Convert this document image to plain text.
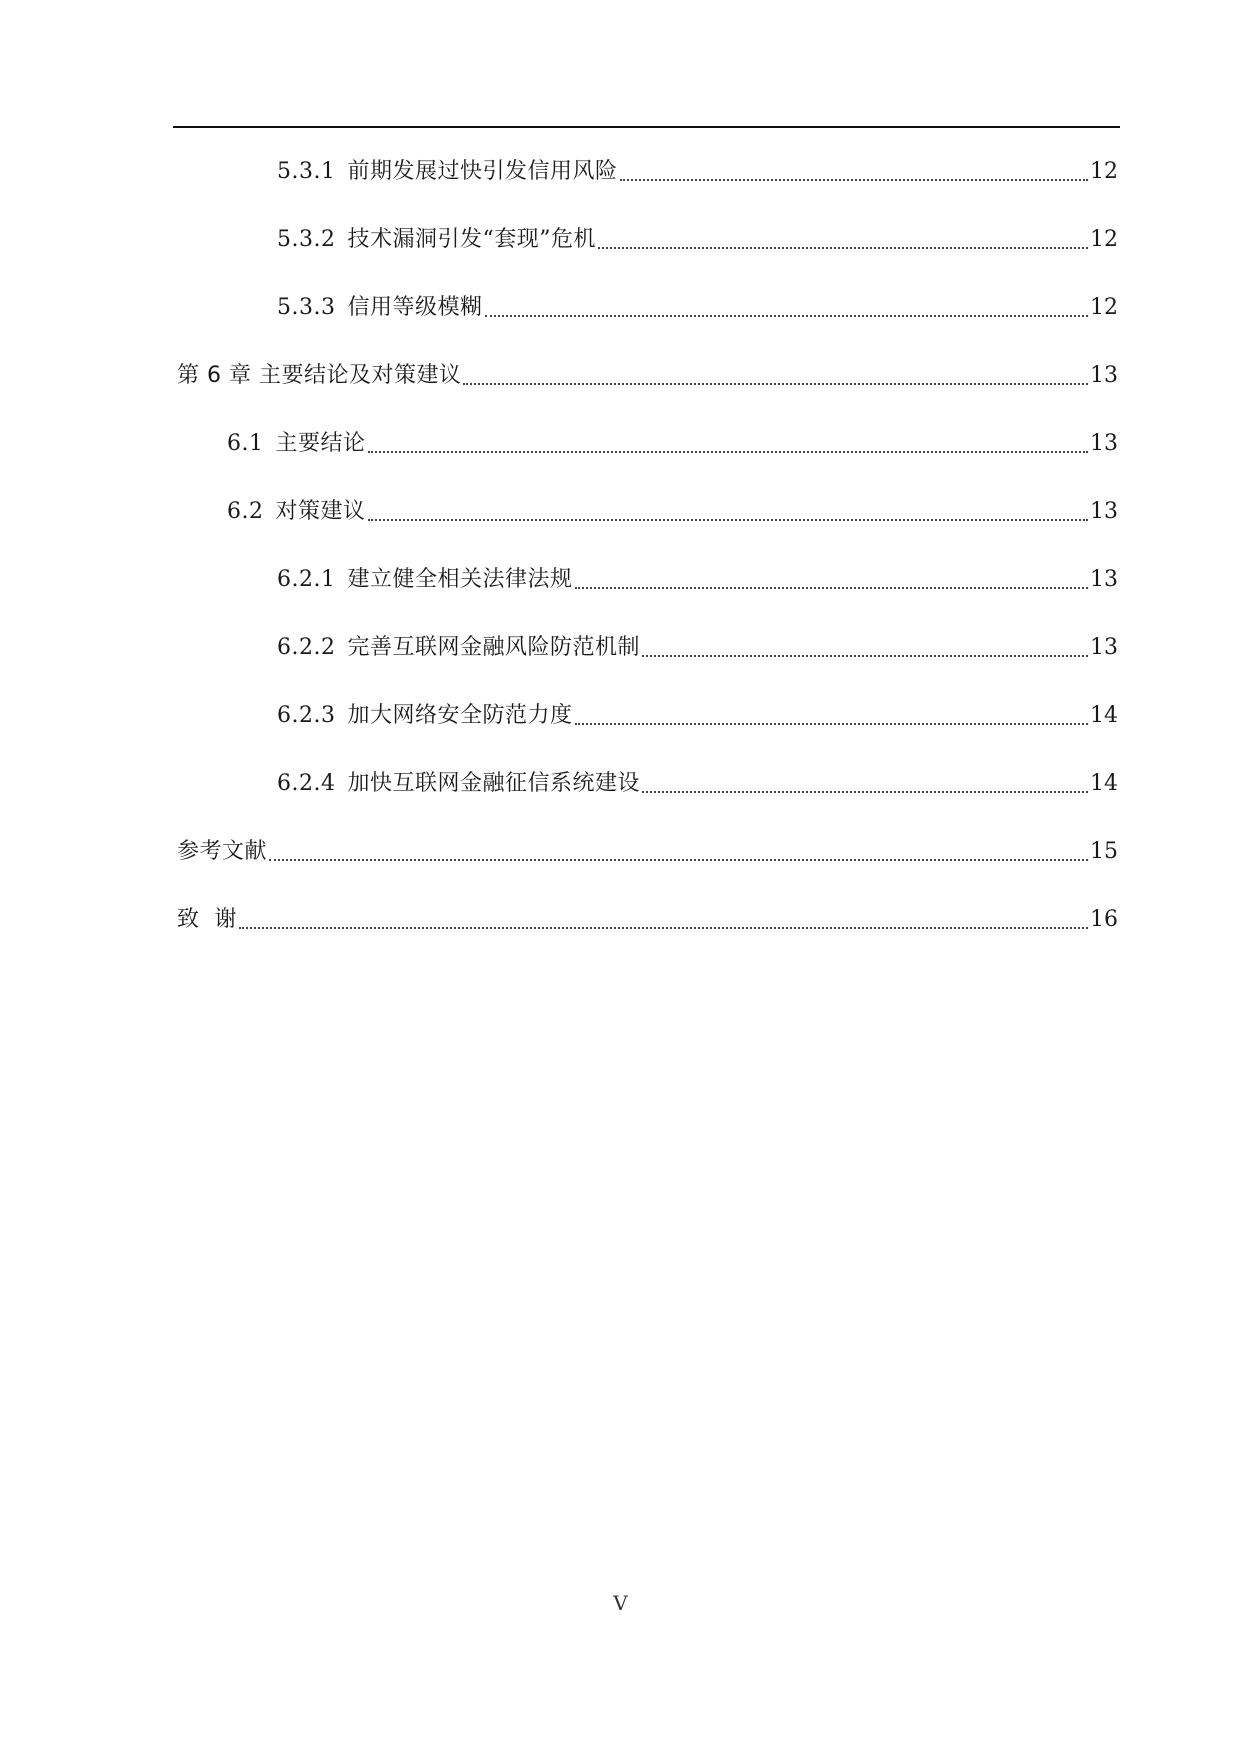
5.3.1 前期发展过快引发信用风险	12
5.3.2 技术漏洞引发“套现”危机	12
5.3.3 信用等级模糊	12
第 6 章 主要结论及对策建议	13
6.1 主要结论	13
6.2 对策建议	13
6.2.1 建立健全相关法律法规	13
6.2.2 完善互联网金融风险防范机制	13
6.2.3 加大网络安全防范力度	14
6.2.4 加快互联网金融征信系统建设	14
参考文献	15
致  谢	16
V
